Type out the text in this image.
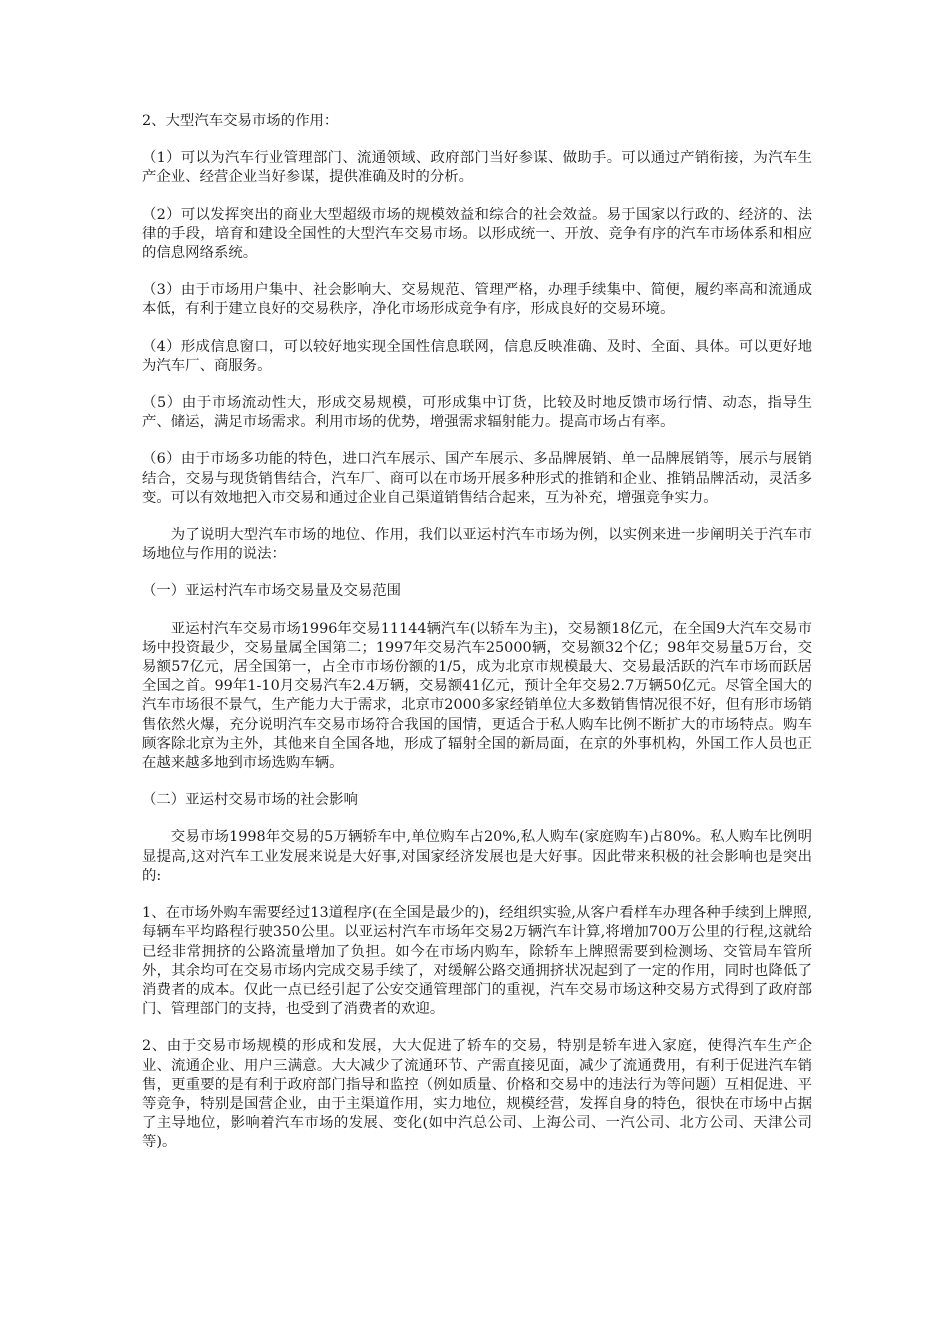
2、大型汽车交易市场的作用：

（1）可以为汽车行业管理部门、流通领域、政府部门当好参谋、做助手。可以通过产销衔接，为汽车生产企业、经营企业当好参谋，提供准确及时的分析。

（2）可以发挥突出的商业大型超级市场的规模效益和综合的社会效益。易于国家以行政的、经济的、法律的手段，培育和建设全国性的大型汽车交易市场。以形成统一、开放、竞争有序的汽车市场体系和相应的信息网络系统。

（3）由于市场用户集中、社会影响大、交易规范、管理严格，办理手续集中、简便，履约率高和流通成本低，有利于建立良好的交易秩序，净化市场形成竞争有序，形成良好的交易环境。

（4）形成信息窗口，可以较好地实现全国性信息联网，信息反映准确、及时、全面、具体。可以更好地为汽车厂、商服务。

（5）由于市场流动性大，形成交易规模，可形成集中订货，比较及时地反馈市场行情、动态，指导生产、储运，满足市场需求。利用市场的优势，增强需求辐射能力。提高市场占有率。

（6）由于市场多功能的特色，进口汽车展示、国产车展示、多品牌展销、单一品牌展销等，展示与展销结合，交易与现货销售结合，汽车厂、商可以在市场开展多种形式的推销和企业、推销品牌活动，灵活多变。可以有效地把入市交易和通过企业自己渠道销售结合起来，互为补充，增强竞争实力。

为了说明大型汽车市场的地位、作用，我们以亚运村汽车市场为例，以实例来进一步阐明关于汽车市场地位与作用的说法：

（一）亚运村汽车市场交易量及交易范围

亚运村汽车交易市场1996年交易11144辆汽车(以轿车为主)，交易额18亿元，在全国9大汽车交易市场中投资最少，交易量属全国第二；1997年交易汽车25000辆，交易额32个亿；98年交易量5万台，交易额57亿元，居全国第一，占全市市场份额的1/5，成为北京市规模最大、交易最活跃的汽车市场而跃居全国之首。99年1-10月交易汽车2.4万辆，交易额41亿元，预计全年交易2.7万辆50亿元。尽管全国大的汽车市场很不景气，生产能力大于需求，北京市2000多家经销单位大多数销售情况很不好，但有形市场销售依然火爆，充分说明汽车交易市场符合我国的国情，更适合于私人购车比例不断扩大的市场特点。购车顾客除北京为主外，其他来自全国各地，形成了辐射全国的新局面，在京的外事机构，外国工作人员也正在越来越多地到市场选购车辆。

（二）亚运村交易市场的社会影响

交易市场1998年交易的5万辆轿车中,单位购车占20%,私人购车(家庭购车)占80%。私人购车比例明显提高,这对汽车工业发展来说是大好事,对国家经济发展也是大好事。因此带来积极的社会影响也是突出的:

1、在市场外购车需要经过13道程序(在全国是最少的)，经组织实验,从客户看样车办理各种手续到上牌照,每辆车平均路程行驶350公里。以亚运村汽车市场年交易2万辆汽车计算,将增加700万公里的行程,这就给已经非常拥挤的公路流量增加了负担。如今在市场内购车，除轿车上牌照需要到检测场、交管局车管所外，其余均可在交易市场内完成交易手续了，对缓解公路交通拥挤状况起到了一定的作用，同时也降低了消费者的成本。仅此一点已经引起了公安交通管理部门的重视，汽车交易市场这种交易方式得到了政府部门、管理部门的支持，也受到了消费者的欢迎。

2、由于交易市场规模的形成和发展，大大促进了轿车的交易，特别是轿车进入家庭，使得汽车生产企业、流通企业、用户三满意。大大减少了流通环节、产需直接见面，减少了流通费用，有利于促进汽车销售，更重要的是有利于政府部门指导和监控（例如质量、价格和交易中的违法行为等问题）互相促进、平等竞争，特别是国营企业，由于主渠道作用，实力地位，规模经营，发挥自身的特色，很快在市场中占据了主导地位，影响着汽车市场的发展、变化(如中汽总公司、上海公司、一汽公司、北方公司、天津公司等)。
